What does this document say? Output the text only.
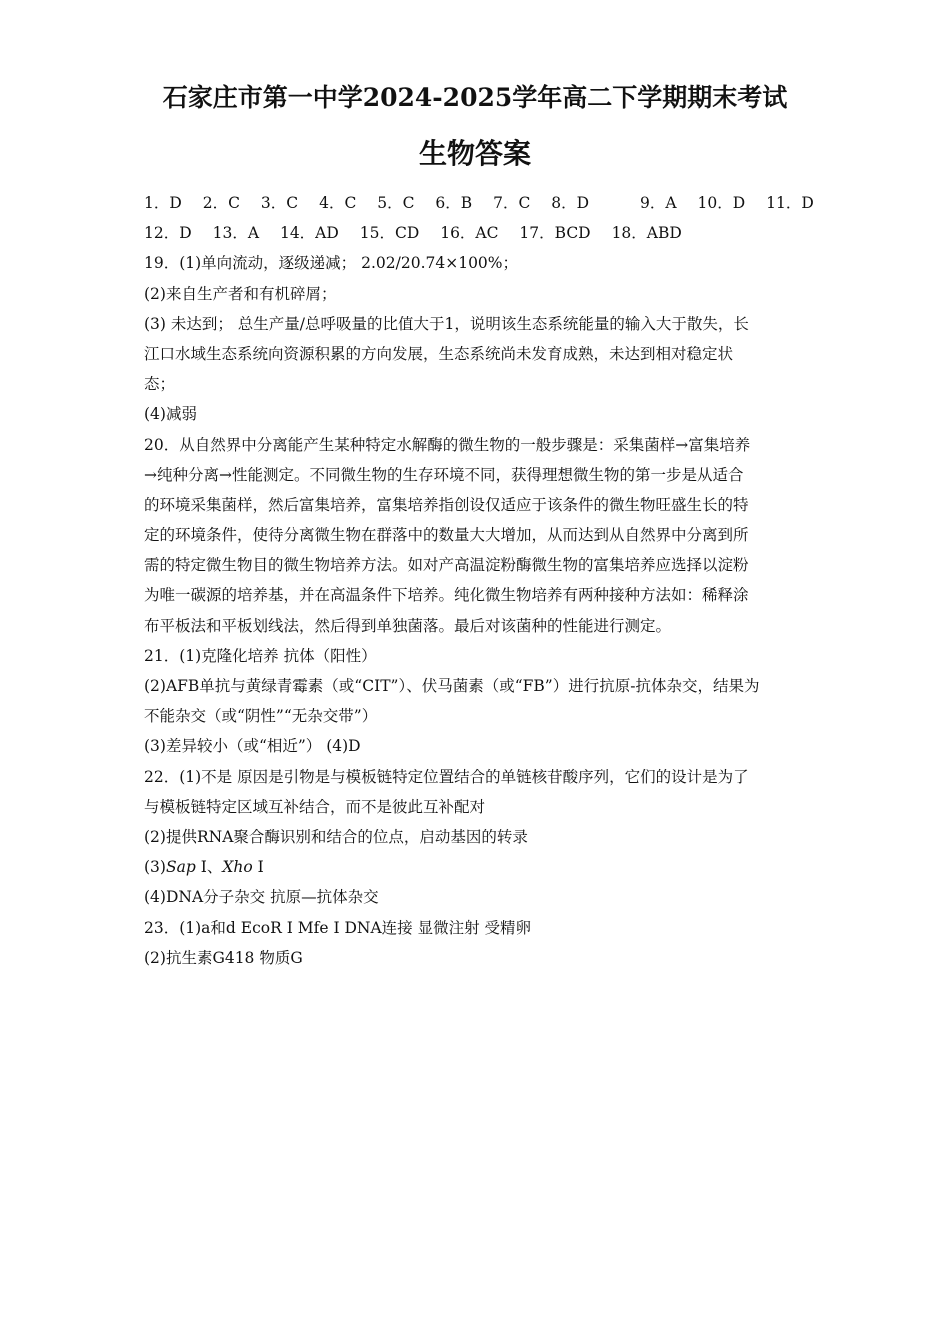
石家庄市第一中学2024-2025学年高二下学期期末考试
生物答案
1．D 2．C 3．C 4．C 5．C 6．B 7．C 8．D	9．A 10．D 11．D
12．D 13．A 14．AD 15．CD 16．AC 17．BCD 18．ABD
19．(1)单向流动，逐级递减； 2.02/20.74×100%；
(2)来自生产者和有机碎屑；
(3) 未达到； 总生产量/总呼吸量的比值大于1，说明该生态系统能量的输入大于散失，长
江口水域生态系统向资源积累的方向发展，生态系统尚未发育成熟，未达到相对稳定状
态；
(4)减弱
20．从自然界中分离能产生某种特定水解酶的微生物的一般步骤是：采集菌样→富集培养
→纯种分离→性能测定。不同微生物的生存环境不同，获得理想微生物的第一步是从适合
的环境采集菌样，然后富集培养，富集培养指创设仅适应于该条件的微生物旺盛生长的特
定的环境条件，使待分离微生物在群落中的数量大大增加，从而达到从自然界中分离到所
需的特定微生物目的微生物培养方法。如对产高温淀粉酶微生物的富集培养应选择以淀粉
为唯一碳源的培养基，并在高温条件下培养。纯化微生物培养有两种接种方法如：稀释涂
布平板法和平板划线法，然后得到单独菌落。最后对该菌种的性能进行测定。
21．(1)克隆化培养 抗体（阳性）
(2)AFB单抗与黄绿青霉素（或“CIT”）、伏马菌素（或“FB”）进行抗原-抗体杂交，结果为
不能杂交（或“阴性”“无杂交带”）
(3)差异较小（或“相近”） (4)D
22．(1)不是 原因是引物是与模板链特定位置结合的单链核苷酸序列，它们的设计是为了
与模板链特定区域互补结合，而不是彼此互补配对
(2)提供RNA聚合酶识别和结合的位点，启动基因的转录
(3)Sap I、Xho Ⅰ
(4)DNA分子杂交 抗原—抗体杂交
23．(1)a和d EcoR I Mfe I DNA连接 显微注射 受精卵
(2)抗生素G418 物质G
